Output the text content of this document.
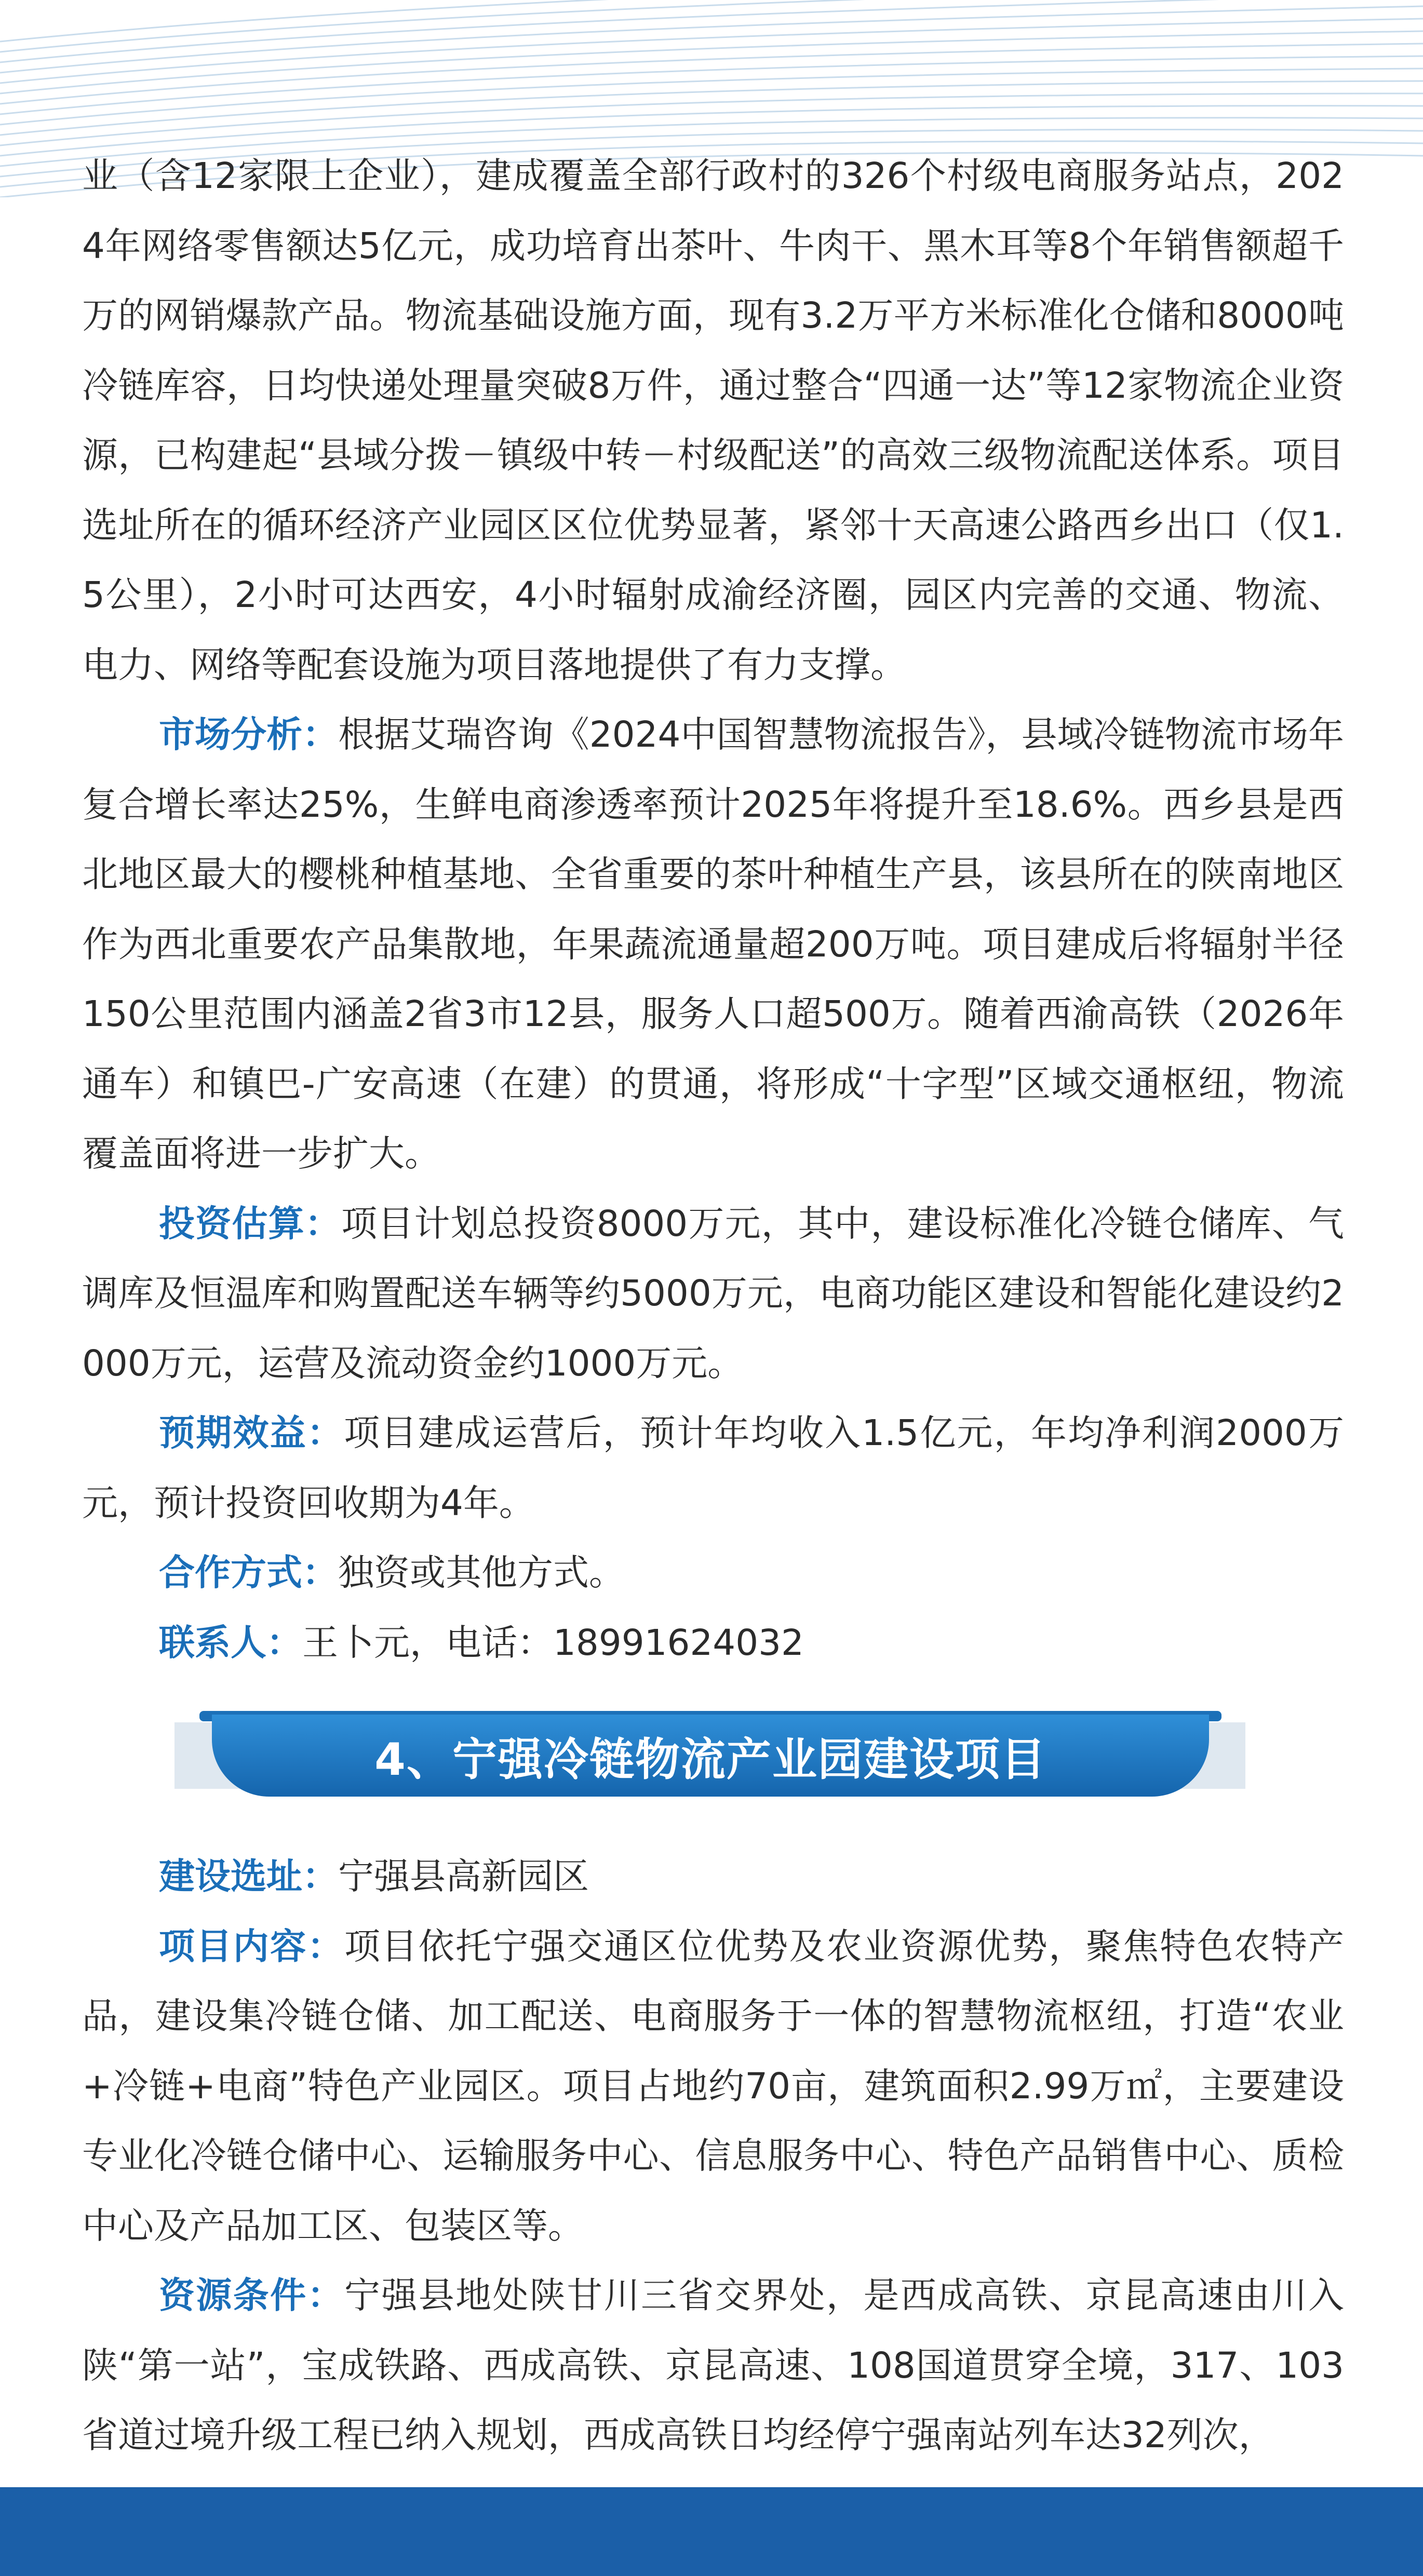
业（含12家限上企业），建成覆盖全部行政村的326个村级电商服务站点，2024年网络零售额达5亿元，成功培育出茶叶、牛肉干、黑木耳等8个年销售额超千万的网销爆款产品。物流基础设施方面，现有3.2万平方米标准化仓储和8000吨冷链库容，日均快递处理量突破8万件，通过整合“四通一达”等12家物流企业资源，已构建起“县域分拨－镇级中转－村级配送”的高效三级物流配送体系。项目选址所在的循环经济产业园区区位优势显著，紧邻十天高速公路西乡出口（仅1.5公里），2小时可达西安，4小时辐射成渝经济圈，园区内完善的交通、物流、电力、网络等配套设施为项目落地提供了有力支撑。

市场分析：根据艾瑞咨询《2024中国智慧物流报告》，县域冷链物流市场年复合增长率达25%，生鲜电商渗透率预计2025年将提升至18.6%。西乡县是西北地区最大的樱桃种植基地、全省重要的茶叶种植生产县，该县所在的陕南地区作为西北重要农产品集散地，年果蔬流通量超200万吨。项目建成后将辐射半径150公里范围内涵盖2省3市12县，服务人口超500万。随着西渝高铁（2026年通车）和镇巴-广安高速（在建）的贯通，将形成“十字型”区域交通枢纽，物流覆盖面将进一步扩大。

投资估算：项目计划总投资8000万元，其中，建设标准化冷链仓储库、气调库及恒温库和购置配送车辆等约5000万元，电商功能区建设和智能化建设约2000万元，运营及流动资金约1000万元。

预期效益：项目建成运营后，预计年均收入1.5亿元，年均净利润2000万元，预计投资回收期为4年。

合作方式：独资或其他方式。

联系人：王卜元，电话：18991624032

4、宁强冷链物流产业园建设项目

建设选址：宁强县高新园区

项目内容：项目依托宁强交通区位优势及农业资源优势，聚焦特色农特产品，建设集冷链仓储、加工配送、电商服务于一体的智慧物流枢纽，打造“农业+冷链+电商”特色产业园区。项目占地约70亩，建筑面积2.99万㎡，主要建设专业化冷链仓储中心、运输服务中心、信息服务中心、特色产品销售中心、质检中心及产品加工区、包装区等。

资源条件：宁强县地处陕甘川三省交界处，是西成高铁、京昆高速由川入陕“第一站”，宝成铁路、西成高铁、京昆高速、108国道贯穿全境，317、103省道过境升级工程已纳入规划，西成高铁日均经停宁强南站列车达32列次，
